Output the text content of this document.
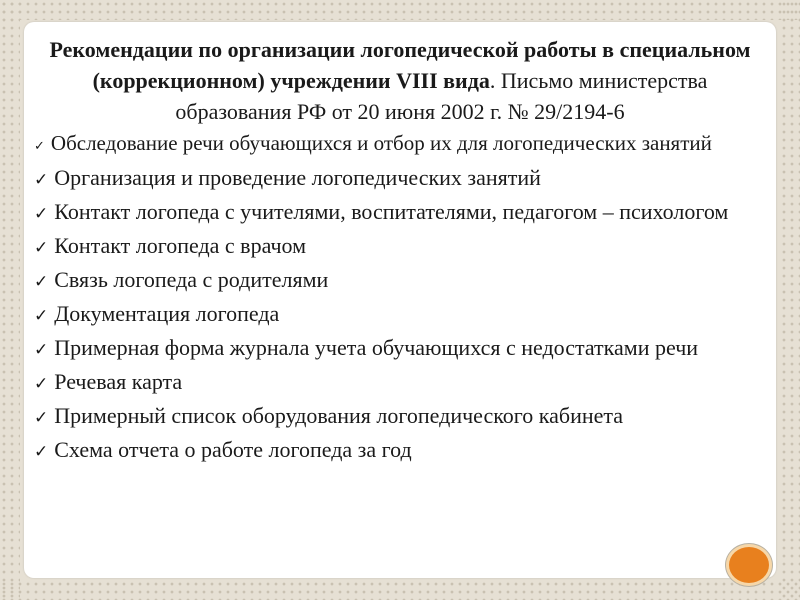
Рекомендации по организации логопедической работы в специальном (коррекционном) учреждении VIII вида. Письмо министерства образования РФ от 20 июня 2002 г. № 29/2194-6
✓ Обследование речи обучающихся и отбор их для логопедических занятий
✓ Организация и проведение логопедических занятий
✓ Контакт логопеда с учителями, воспитателями, педагогом – психологом
✓ Контакт логопеда с врачом
✓ Связь логопеда с родителями
✓ Документация логопеда
✓ Примерная форма журнала учета обучающихся с недостатками речи
✓ Речевая карта
✓ Примерный список оборудования логопедического кабинета
✓ Схема отчета о работе логопеда за год
